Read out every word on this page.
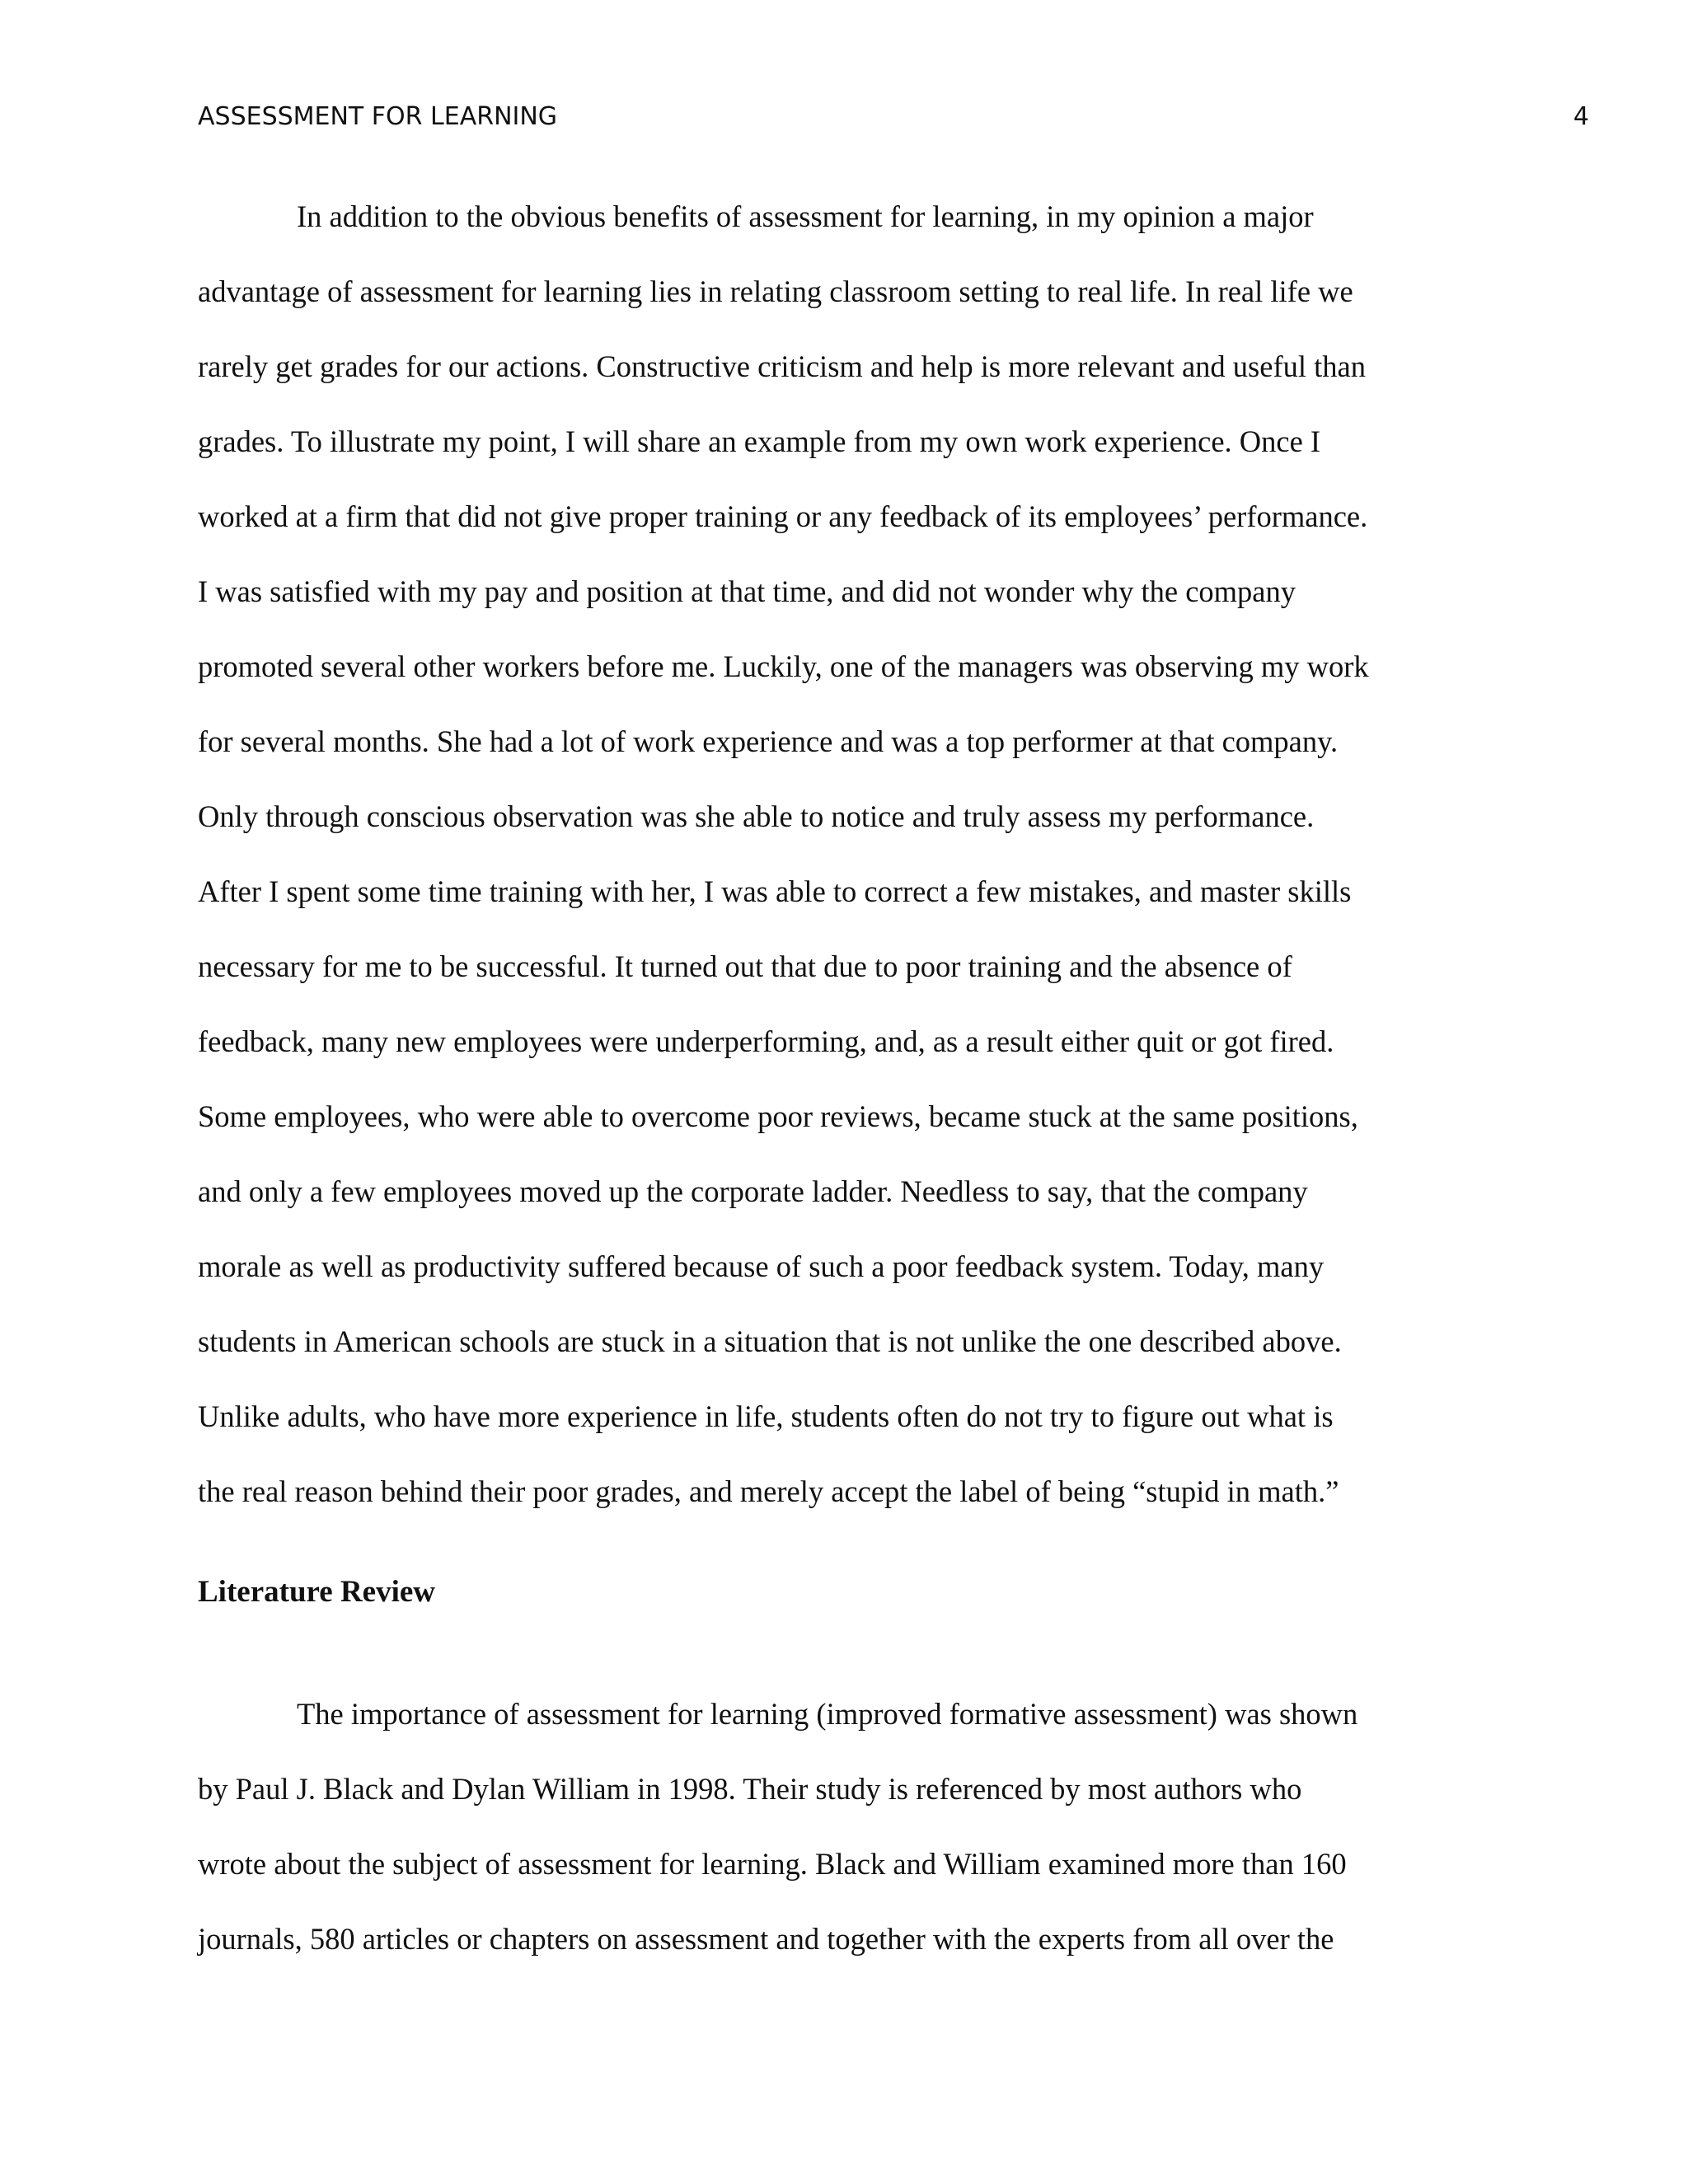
ASSESSMENT FOR LEARNING	4
In addition to the obvious benefits of assessment for learning, in my opinion a major
advantage of assessment for learning lies in relating classroom setting to real life. In real life we
rarely get grades for our actions. Constructive criticism and help is more relevant and useful than
grades. To illustrate my point, I will share an example from my own work experience. Once I
worked at a firm that did not give proper training or any feedback of its employees’ performance.
I was satisfied with my pay and position at that time, and did not wonder why the company
promoted several other workers before me. Luckily, one of the managers was observing my work
for several months. She had a lot of work experience and was a top performer at that company.
Only through conscious observation was she able to notice and truly assess my performance.
After I spent some time training with her, I was able to correct a few mistakes, and master skills
necessary for me to be successful. It turned out that due to poor training and the absence of
feedback, many new employees were underperforming, and, as a result either quit or got fired.
Some employees, who were able to overcome poor reviews, became stuck at the same positions,
and only a few employees moved up the corporate ladder. Needless to say, that the company
morale as well as productivity suffered because of such a poor feedback system. Today, many
students in American schools are stuck in a situation that is not unlike the one described above.
Unlike adults, who have more experience in life, students often do not try to figure out what is
the real reason behind their poor grades, and merely accept the label of being “stupid in math.”
Literature Review
The importance of assessment for learning (improved formative assessment) was shown
by Paul J. Black and Dylan William in 1998. Their study is referenced by most authors who
wrote about the subject of assessment for learning. Black and William examined more than 160
journals, 580 articles or chapters on assessment and together with the experts from all over the
